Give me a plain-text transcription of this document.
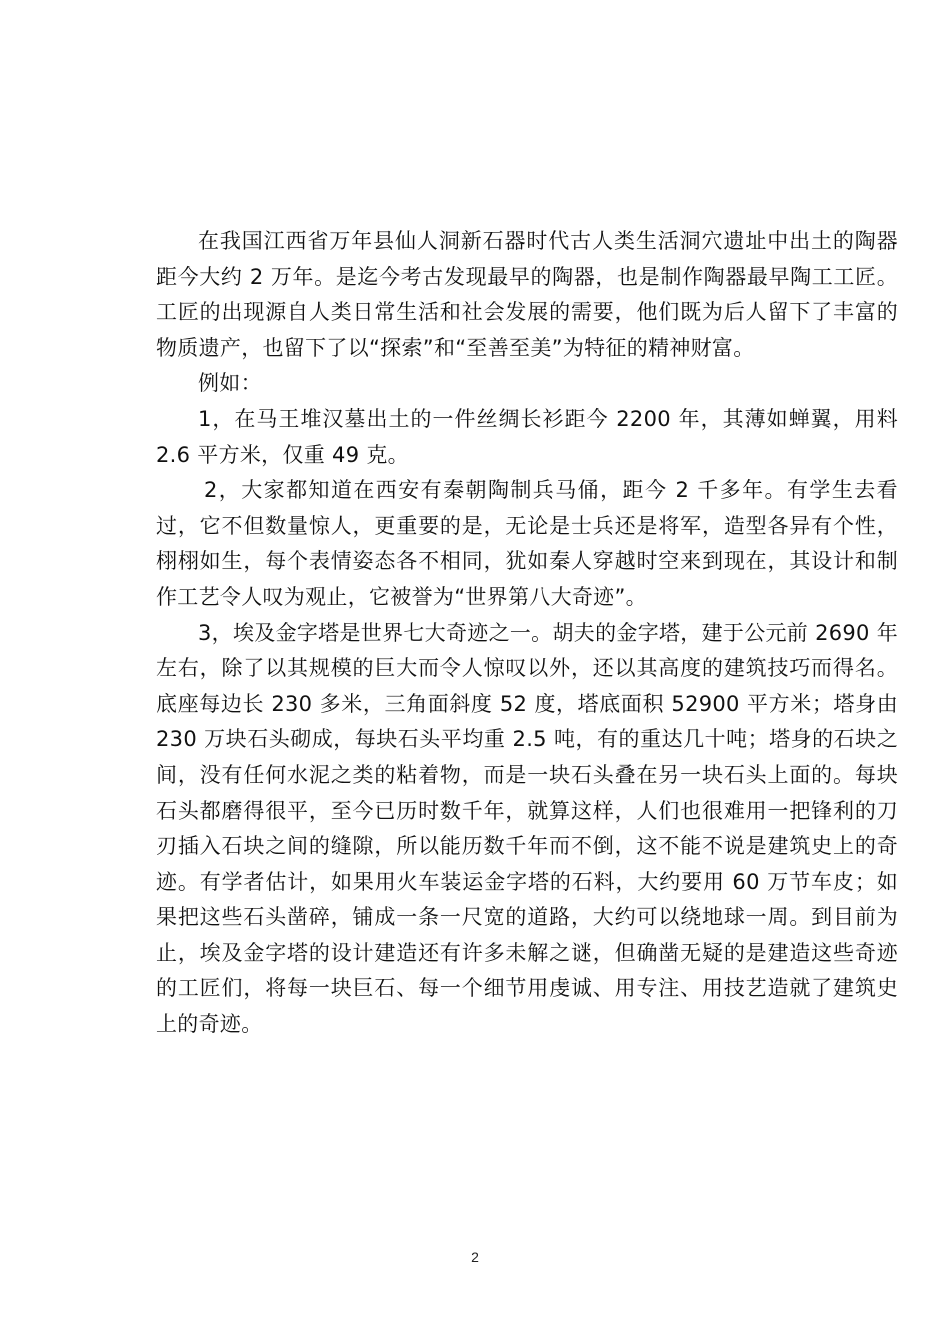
在我国江西省万年县仙人洞新石器时代古人类生活洞穴遗址中出土的陶器距今大约 2 万年。是迄今考古发现最早的陶器，也是制作陶器最早陶工工匠。工匠的出现源自人类日常生活和社会发展的需要，他们既为后人留下了丰富的物质遗产，也留下了以“探索”和“至善至美”为特征的精神财富。

例如：

1，在马王堆汉墓出土的一件丝绸长衫距今 2200 年，其薄如蝉翼，用料 2.6 平方米，仅重 49 克。

2，大家都知道在西安有秦朝陶制兵马俑，距今 2 千多年。有学生去看过，它不但数量惊人，更重要的是，无论是士兵还是将军，造型各异有个性，栩栩如生，每个表情姿态各不相同，犹如秦人穿越时空来到现在，其设计和制作工艺令人叹为观止，它被誉为“世界第八大奇迹”。

3，埃及金字塔是世界七大奇迹之一。胡夫的金字塔，建于公元前 2690 年左右，除了以其规模的巨大而令人惊叹以外，还以其高度的建筑技巧而得名。底座每边长 230 多米，三角面斜度 52 度，塔底面积 52900 平方米；塔身由 230 万块石头砌成，每块石头平均重 2.5 吨，有的重达几十吨；塔身的石块之间，没有任何水泥之类的粘着物，而是一块石头叠在另一块石头上面的。每块石头都磨得很平，至今已历时数千年，就算这样，人们也很难用一把锋利的刀刃插入石块之间的缝隙，所以能历数千年而不倒，这不能不说是建筑史上的奇迹。有学者估计，如果用火车装运金字塔的石料，大约要用 60 万节车皮；如果把这些石头凿碎，铺成一条一尺宽的道路，大约可以绕地球一周。到目前为止，埃及金字塔的设计建造还有许多未解之谜，但确凿无疑的是建造这些奇迹的工匠们，将每一块巨石、每一个细节用虔诚、用专注、用技艺造就了建筑史上的奇迹。

2
